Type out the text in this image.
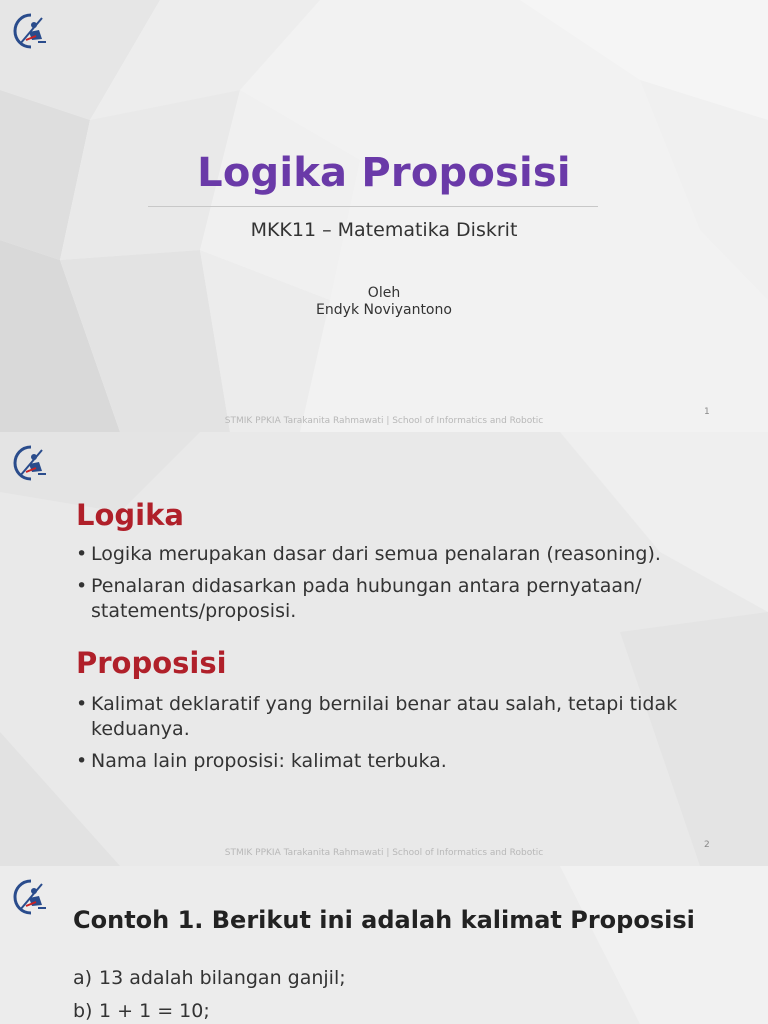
Logika Proposisi
MKK11 – Matematika Diskrit
Oleh
Endyk Noviyantono
STMIK PPKIA Tarakanita Rahmawati | School of Informatics and Robotic
1
Logika
• Logika merupakan dasar dari semua penalaran (reasoning).
• Penalaran didasarkan pada hubungan antara pernyataan/ statements/proposisi.
Proposisi
• Kalimat deklaratif yang bernilai benar atau salah, tetapi tidak keduanya.
• Nama lain proposisi: kalimat terbuka.
STMIK PPKIA Tarakanita Rahmawati | School of Informatics and Robotic
2
Contoh 1. Berikut ini adalah kalimat Proposisi
a) 13 adalah bilangan ganjil;
b) 1 + 1 = 10;
